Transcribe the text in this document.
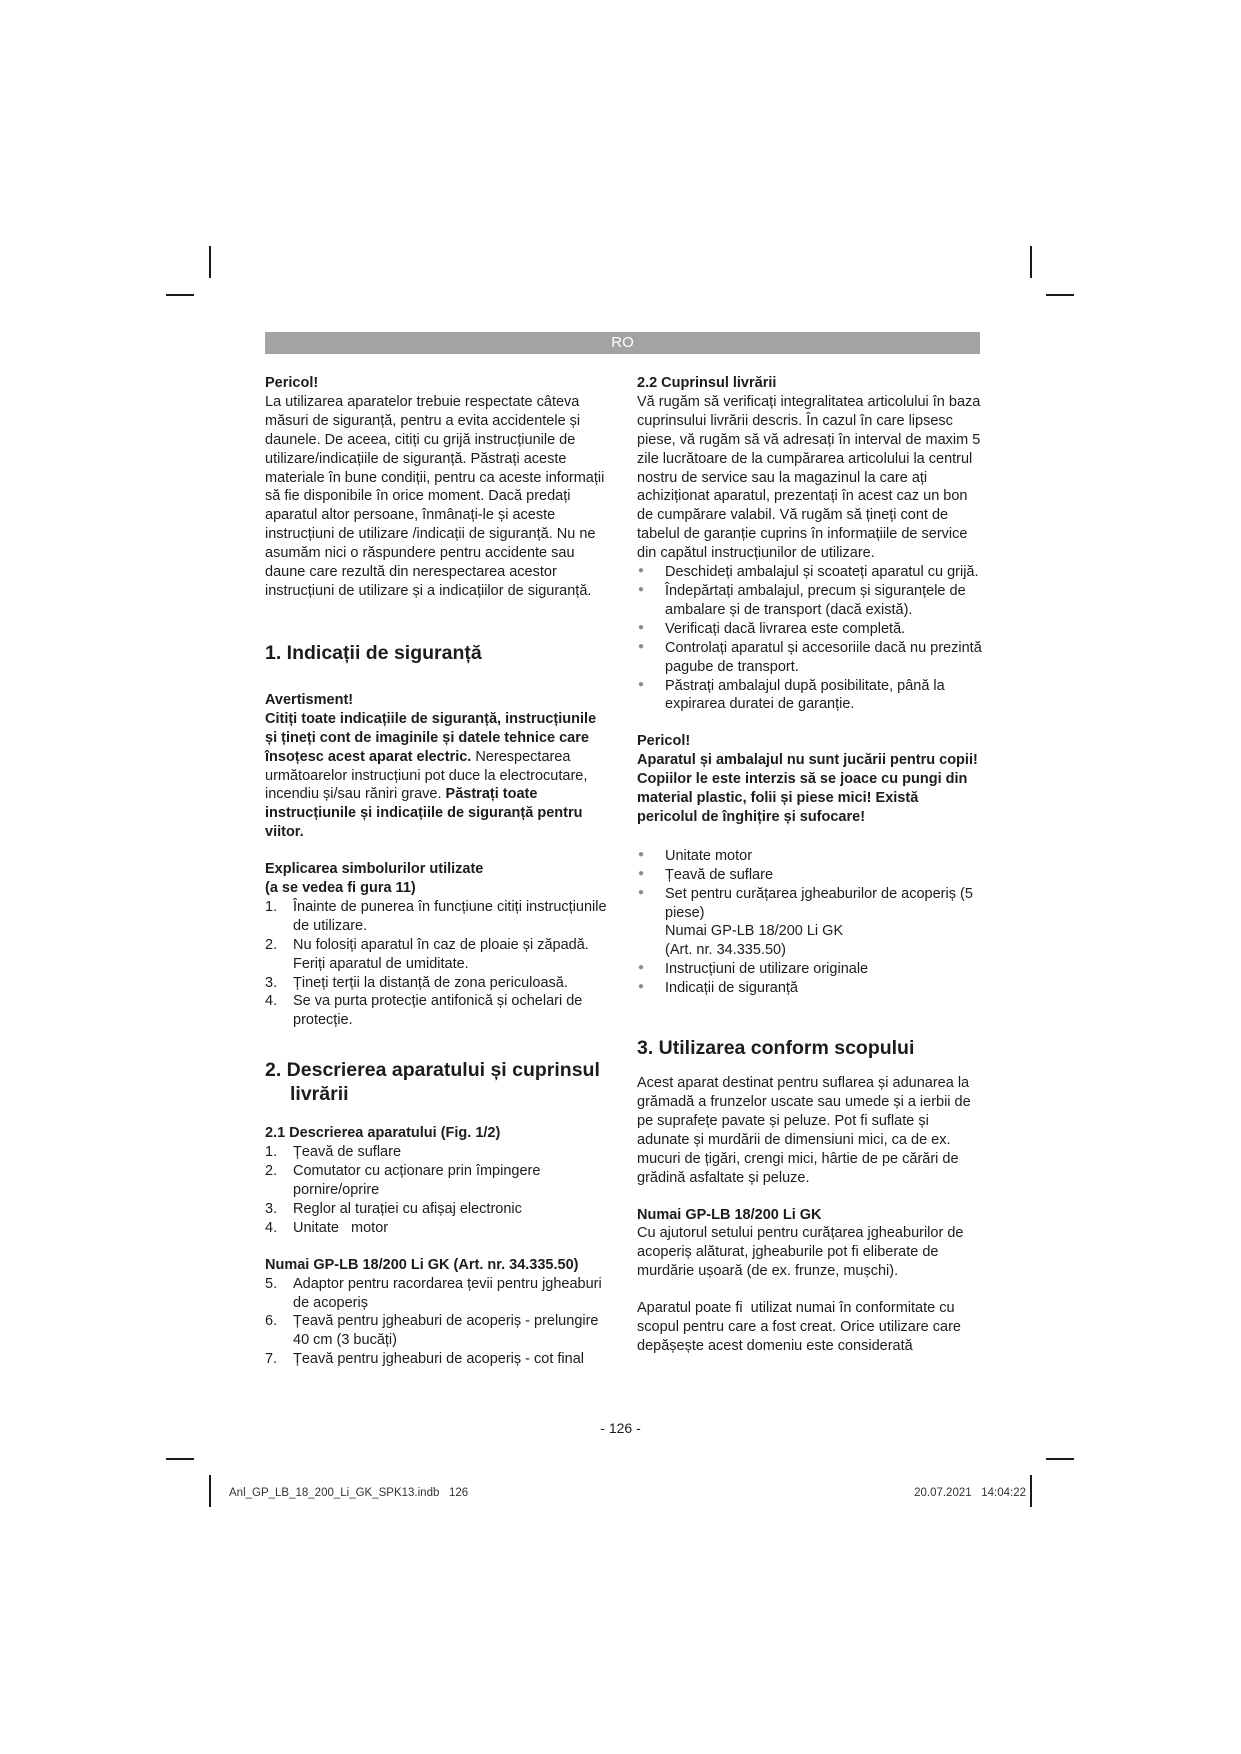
RO

Pericol!

La utilizarea aparatelor trebuie respectate câteva măsuri de siguranță, pentru a evita accidentele și daunele. De aceea, citiți cu grijă instrucțiunile de utilizare/indicațiile de siguranță. Păstrați aceste materiale în bune condiții, pentru ca aceste informații să fie disponibile în orice moment. Dacă predați aparatul altor persoane, înmânați-le și aceste instrucțiuni de utilizare /indicații de siguranță. Nu ne asumăm nici o răspundere pentru accidente sau daune care rezultă din nerespectarea acestor instrucțiuni de utilizare și a indicațiilor de siguranță.

1. Indicații de siguranță

Avertisment!

Citiți toate indicațiile de siguranță, instrucțiunile și țineți cont de imaginile și datele tehnice care însoțesc acest aparat electric. Nerespectarea următoarelor instrucțiuni pot duce la electrocutare, incendiu și/sau răniri grave. Păstrați toate instrucțiunile și indicațiile de siguranță pentru viitor.

Explicarea simbolurilor utilizate

(a se vedea fi gura 11)

1. Înainte de punerea în funcțiune citiți instrucțiunile de utilizare.
2. Nu folosiți aparatul în caz de ploaie și zăpadă. Feriți aparatul de umiditate.
3. Țineți terții la distanță de zona periculoasă.
4. Se va purta protecție antifonică și ochelari de protecție.

2. Descrierea aparatului și cuprinsul livrării

2.1 Descrierea aparatului (Fig. 1/2)

1. Țeavă de suflare
2. Comutator cu acționare prin împingere pornire/oprire
3. Reglor al turației cu afișaj electronic
4. Unitate   motor

Numai GP-LB 18/200 Li GK (Art. nr. 34.335.50)

5. Adaptor pentru racordarea țevii pentru jgheaburi de acoperiș
6. Țeavă pentru jgheaburi de acoperiș - prelungire 40 cm (3 bucăți)
7. Țeavă pentru jgheaburi de acoperiș - cot final

2.2 Cuprinsul livrării

Vă rugăm să verificați integralitatea articolului în baza cuprinsului livrării descris. În cazul în care lipsesc piese, vă rugăm să vă adresați în interval de maxim 5 zile lucrătoare de la cumpărarea articolului la centrul nostru de service sau la magazinul la care ați achiziționat aparatul, prezentați în acest caz un bon de cumpărare valabil. Vă rugăm să țineți cont de tabelul de garanție cuprins în informațiile de service din capătul instrucțiunilor de utilizare.

● Deschideți ambalajul și scoateți aparatul cu grijă.
● Îndepărtați ambalajul, precum și siguranțele de ambalare și de transport (dacă există).
● Verificați dacă livrarea este completă.
● Controlați aparatul și accesoriile dacă nu prezintă pagube de transport.
● Păstrați ambalajul după posibilitate, până la expirarea duratei de garanție.

Pericol!

Aparatul și ambalajul nu sunt jucării pentru copii! Copiilor le este interzis să se joace cu pungi din material plastic, folii și piese mici! Există pericolul de înghițire și sufocare!

● Unitate motor
● Țeavă de suflare
● Set pentru curățarea jgheaburilor de acoperiș (5 piese)
Numai GP-LB 18/200 Li GK
(Art. nr. 34.335.50)
● Instrucțiuni de utilizare originale
● Indicații de siguranță

3. Utilizarea conform scopului

Acest aparat destinat pentru suflarea și adunarea la grămadă a frunzelor uscate sau umede și a ierbii de pe suprafețe pavate și peluze. Pot fi suflate și adunate și murdării de dimensiuni mici, ca de ex. mucuri de țigări, crengi mici, hârtie de pe cărări de grădină asfaltate și peluze.

Numai GP-LB 18/200 Li GK

Cu ajutorul setului pentru curățarea jgheaburilor de acoperiș alăturat, jgheaburile pot fi eliberate de murdărie ușoară (de ex. frunze, mușchi).

Aparatul poate fi  utilizat numai în conformitate cu scopul pentru care a fost creat. Orice utilizare care depășește acest domeniu este considerată

- 126 -
Anl_GP_LB_18_200_Li_GK_SPK13.indb   126	20.07.2021 14:04:22
